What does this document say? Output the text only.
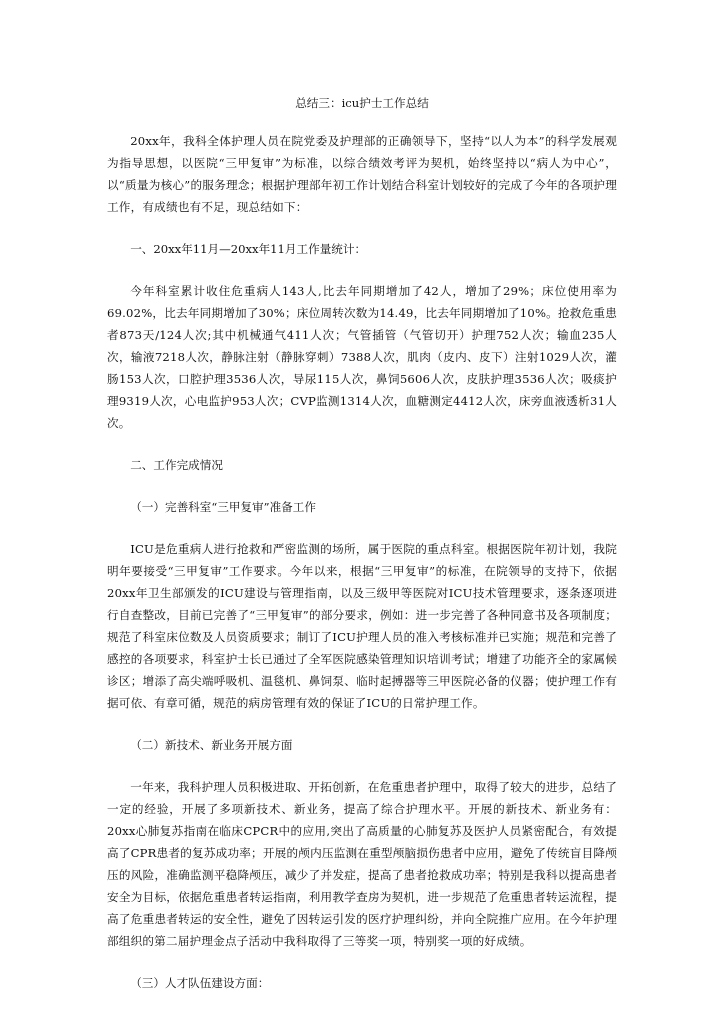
总结三：icu护士工作总结

20xx年，我科全体护理人员在院党委及护理部的正确领导下，坚持“以人为本”的科学发展观为指导思想，以医院“三甲复审”为标准，以综合绩效考评为契机，始终坚持以“病人为中心”，以“质量为核心”的服务理念；根据护理部年初工作计划结合科室计划较好的完成了今年的各项护理工作，有成绩也有不足，现总结如下：

一、20xx年11月—20xx年11月工作量统计：

今年科室累计收住危重病人143人,比去年同期增加了42人，增加了29%；床位使用率为69.02%，比去年同期增加了30%；床位周转次数为14.49，比去年同期增加了10%。抢救危重患者873天/124人次;其中机械通气411人次；气管插管（气管切开）护理752人次；输血235人次，输液7218人次，静脉注射（静脉穿刺）7388人次，肌肉（皮内、皮下）注射1029人次，灌肠153人次，口腔护理3536人次，导尿115人次，鼻饲5606人次，皮肤护理3536人次；吸痰护理9319人次，心电监护953人次；CVP监测1314人次，血糖测定4412人次，床旁血液透析31人次。

二、工作完成情况

（一）完善科室“三甲复审”准备工作

ICU是危重病人进行抢救和严密监测的场所，属于医院的重点科室。根据医院年初计划，我院明年要接受“三甲复审”工作要求。今年以来，根据“三甲复审”的标准，在院领导的支持下，依据20xx年卫生部颁发的ICU建设与管理指南，以及三级甲等医院对ICU技术管理要求，逐条逐项进行自查整改，目前已完善了“三甲复审”的部分要求，例如：进一步完善了各种同意书及各项制度；规范了科室床位数及人员资质要求；制订了ICU护理人员的准入考核标准并已实施；规范和完善了感控的各项要求，科室护士长已通过了全军医院感染管理知识培训考试；增建了功能齐全的家属候诊区；增添了高尖端呼吸机、温毯机、鼻饲泵、临时起搏器等三甲医院必备的仪器；使护理工作有据可依、有章可循，规范的病房管理有效的保证了ICU的日常护理工作。

（二）新技术、新业务开展方面

一年来，我科护理人员积极进取、开拓创新，在危重患者护理中，取得了较大的进步，总结了一定的经验，开展了多项新技术、新业务，提高了综合护理水平。开展的新技术、新业务有：20xx心肺复苏指南在临床CPCR中的应用,突出了高质量的心肺复苏及医护人员紧密配合，有效提高了CPR患者的复苏成功率；开展的颅内压监测在重型颅脑损伤患者中应用，避免了传统盲目降颅压的风险，准确监测平稳降颅压，减少了并发症，提高了患者抢救成功率；特别是我科以提高患者安全为目标，依据危重患者转运指南，利用教学查房为契机，进一步规范了危重患者转运流程，提高了危重患者转运的安全性，避免了因转运引发的医疗护理纠纷，并向全院推广应用。在今年护理部组织的第二届护理金点子活动中我科取得了三等奖一项，特别奖一项的好成绩。

（三）人才队伍建设方面：
